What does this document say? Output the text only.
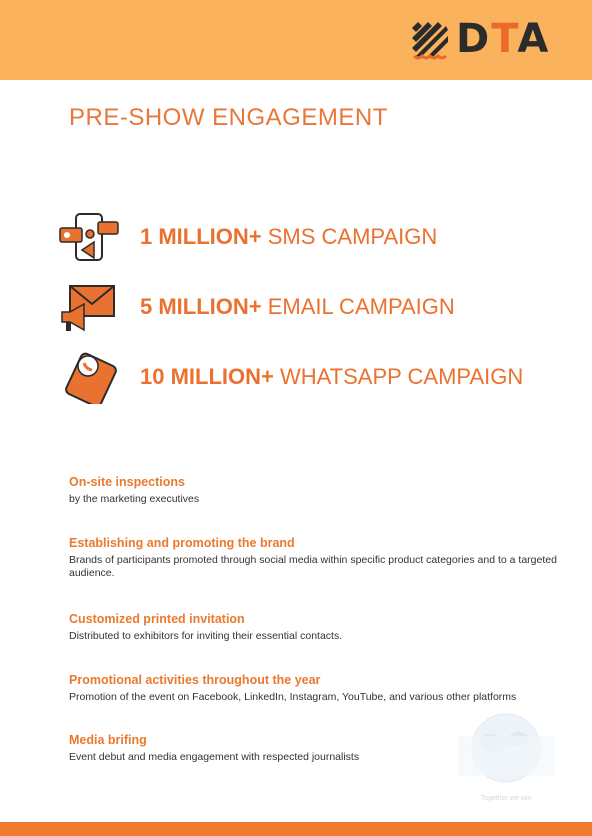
DTA
PRE-SHOW ENGAGEMENT
1 MILLION+ SMS CAMPAIGN
5 MILLION+ EMAIL CAMPAIGN
10 MILLION+ WHATSAPP CAMPAIGN
On-site inspections

by the marketing executives

Establishing and promoting the brand

Brands of participants promoted through social media within specific product categories and to a targeted audience.

Customized printed invitation

Distributed to exhibitors for inviting their essential contacts.

Promotional activities throughout the year

Promotion of the event on Facebook, LinkedIn, Instagram, YouTube, and various other platforms

Media brifing

Event debut and media engagement with respected journalists

Together we win
